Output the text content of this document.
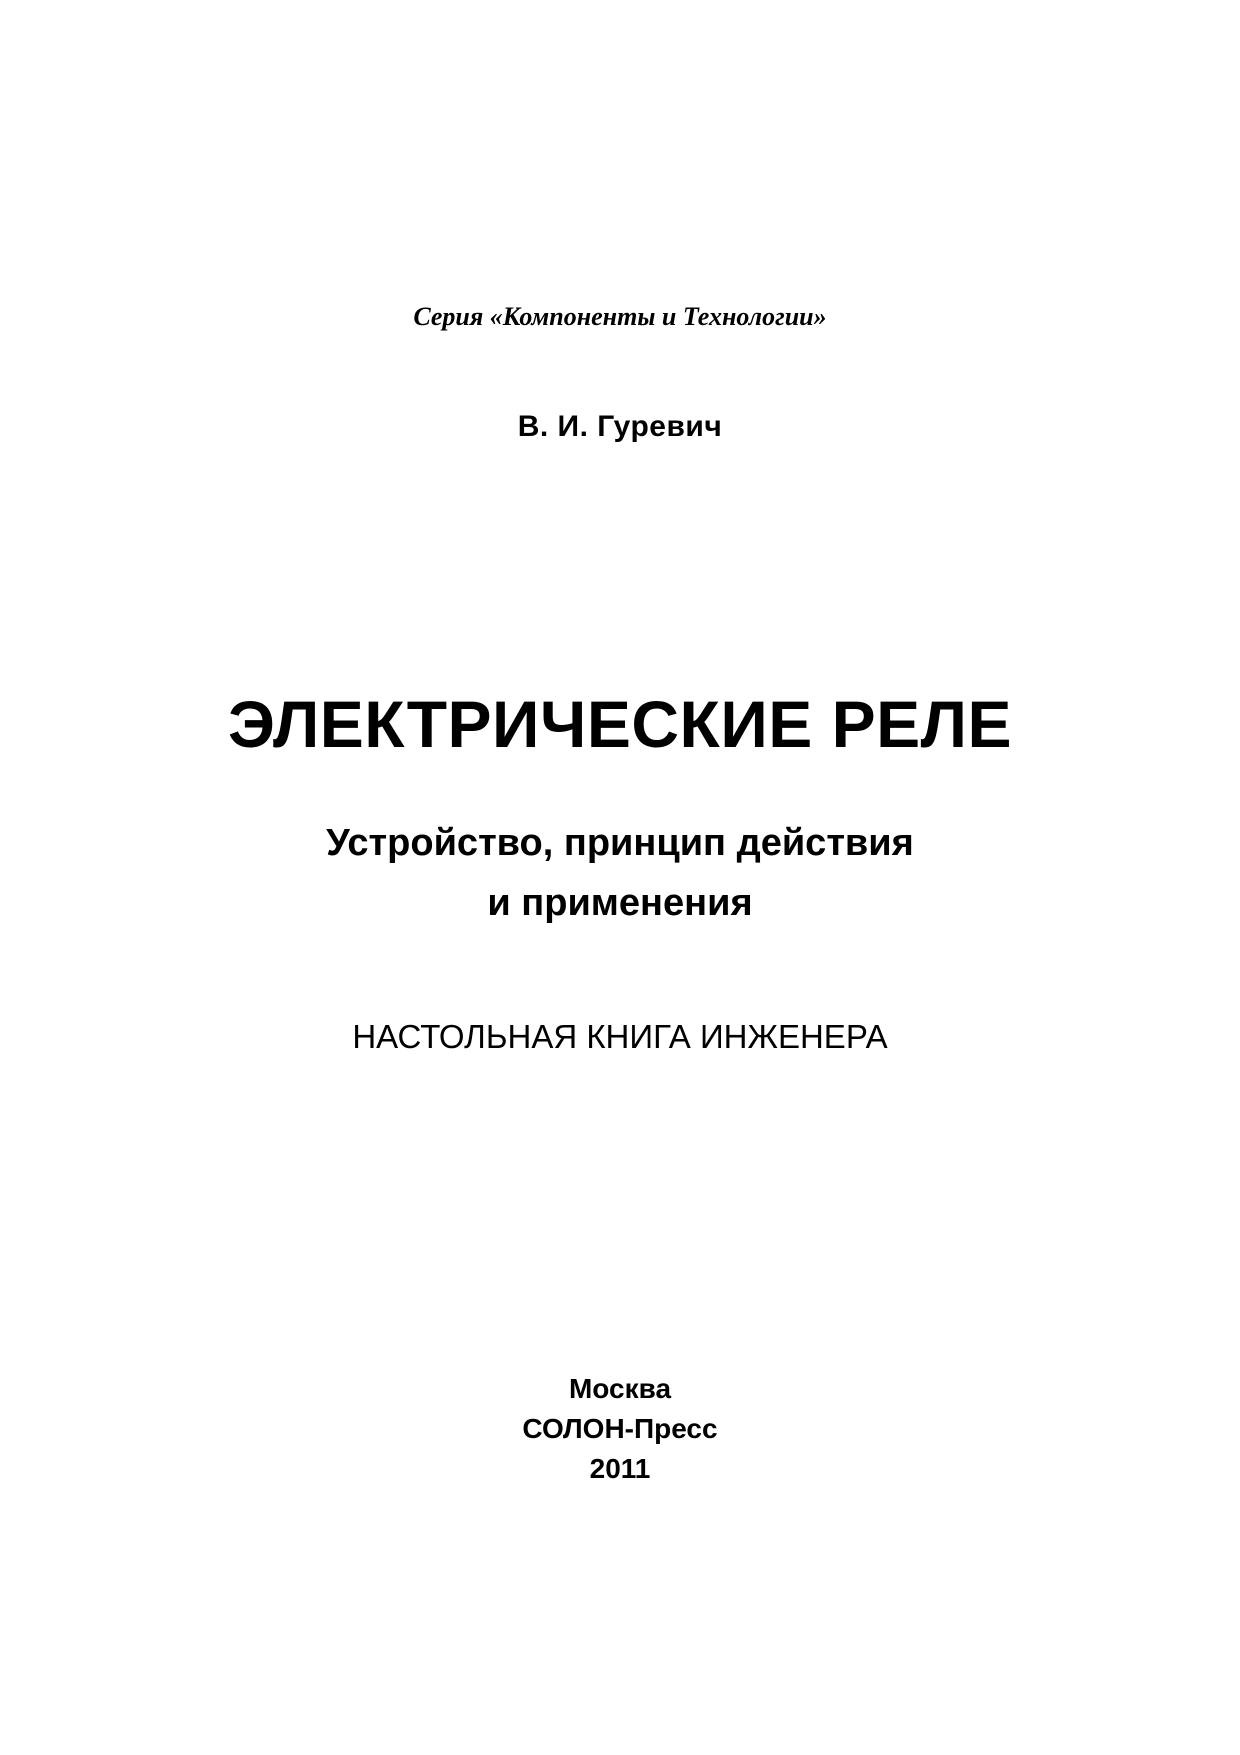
Серия «Компоненты и Технологии»
В. И. Гуревич
ЭЛЕКТРИЧЕСКИЕ РЕЛЕ
Устройство, принцип действия
и применения
НАСТОЛЬНАЯ КНИГА ИНЖЕНЕРА
Москва
СОЛОН-Пресс
2011
